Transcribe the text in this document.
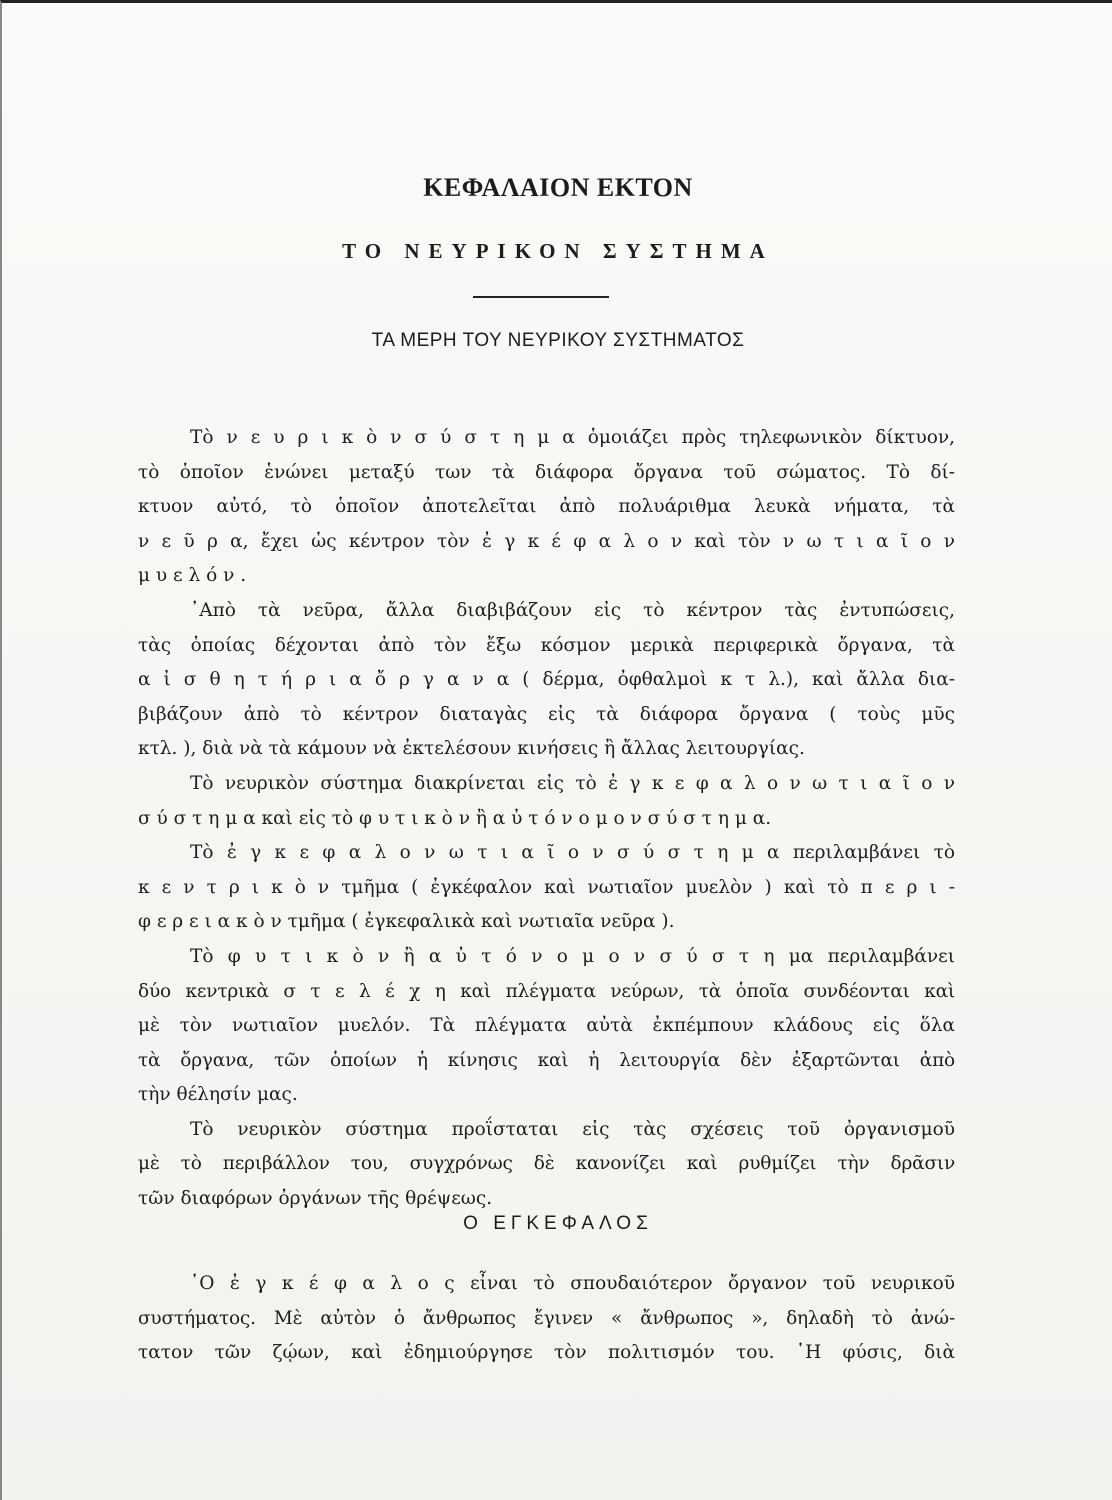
ΚΕΦΑΛΑΙΟΝ ΕΚΤΟΝ
ΤΟ ΝΕΥΡΙΚΟΝ ΣΥΣΤΗΜΑ
ΤΑ ΜΕΡΗ ΤΟΥ ΝΕΥΡΙΚΟΥ ΣΥΣΤΗΜΑΤΟΣ
Τὸ ν ε υ ρ ι κ ὸ ν σ ύ σ τ η μ α ὁμοιάζει πρὸς τηλεφωνικὸν δίκτυον,
τὸ ὁποῖον ἑνώνει μεταξύ των τὰ διάφορα ὄργανα τοῦ σώματος. Τὸ δί-
κτυον αὐτό, τὸ ὁποῖον ἀποτελεῖται ἀπὸ πολυάριθμα λευκὰ νήματα, τὰ
ν ε ῦ ρ α, ἔχει ὡς κέντρον τὸν ἐ γ κ έ φ α λ ο ν καὶ τὸν ν ω τ ι α ῖ ο ν
μ υ ε λ ό ν .
᾿Απὸ τὰ νεῦρα, ἄλλα διαβιβάζουν εἰς τὸ κέντρον τὰς ἐντυπώσεις,
τὰς ὁποίας δέχονται ἀπὸ τὸν ἔξω κόσμον μερικὰ περιφερικὰ ὄργανα, τὰ
α ἰ σ θ η τ ή ρ ι α ὄ ρ γ α ν α ( δέρμα, ὀφθαλμοὶ κ τ λ.), καὶ ἄλλα δια-
βιβάζουν ἀπὸ τὸ κέντρον διαταγὰς εἰς τὰ διάφορα ὄργανα ( τοὺς μῦς
κτλ. ), διὰ νὰ τὰ κάμουν νὰ ἐκτελέσουν κινήσεις ἢ ἄλλας λειτουργίας.
Τὸ νευρικὸν σύστημα διακρίνεται εἰς τὸ ἐ γ κ ε φ α λ ο ν ω τ ι α ῖ ο ν
σ ύ σ τ η μ α καὶ εἰς τὸ φ υ τ ι κ ὸ ν ἢ α ὐ τ ό ν ο μ ο ν σ ύ σ τ η μ α.
Τὸ ἐ γ κ ε φ α λ ο ν ω τ ι α ῖ ο ν σ ύ σ τ η μ α περιλαμβάνει τὸ
κ ε ν τ ρ ι κ ὸ ν τμῆμα ( ἐγκέφαλον καὶ νωτιαῖον μυελὸν ) καὶ τὸ π ε ρ ι -
φ ε ρ ε ι α κ ὸ ν τμῆμα ( ἐγκεφαλικὰ καὶ νωτιαῖα νεῦρα ).
Τὸ φ υ τ ι κ ὸ ν ἢ α ὐ τ ό ν ο μ ο ν σ ύ σ τ η μα περιλαμβάνει
δύο κεντρικὰ σ τ ε λ έ χ η καὶ πλέγματα νεύρων, τὰ ὁποῖα συνδέονται καὶ
μὲ τὸν νωτιαῖον μυελόν. Τὰ πλέγματα αὐτὰ ἐκπέμπουν κλάδους εἰς ὅλα
τὰ ὄργανα, τῶν ὁποίων ἡ κίνησις καὶ ἡ λειτουργία δὲν ἐξαρτῶνται ἀπὸ
τὴν θέλησίν μας.
Τὸ νευρικὸν σύστημα προΐσταται εἰς τὰς σχέσεις τοῦ ὀργανισμοῦ
μὲ τὸ περιβάλλον του, συγχρόνως δὲ κανονίζει καὶ ρυθμίζει τὴν δρᾶσιν
τῶν διαφόρων ὀργάνων τῆς θρέψεως.
Ο ΕΓΚΕΦΑΛΟΣ
῾Ο ἐ γ κ έ φ α λ ο ς εἶναι τὸ σπουδαιότερον ὄργανον τοῦ νευρικοῦ
συστήματος. Μὲ αὐτὸν ὁ ἄνθρωπος ἔγινεν « ἄνθρωπος », δηλαδὴ τὸ ἀνώ-
τατον τῶν ζῴων, καὶ ἐδημιούργησε τὸν πολιτισμόν του. ῾Η φύσις, διὰ
